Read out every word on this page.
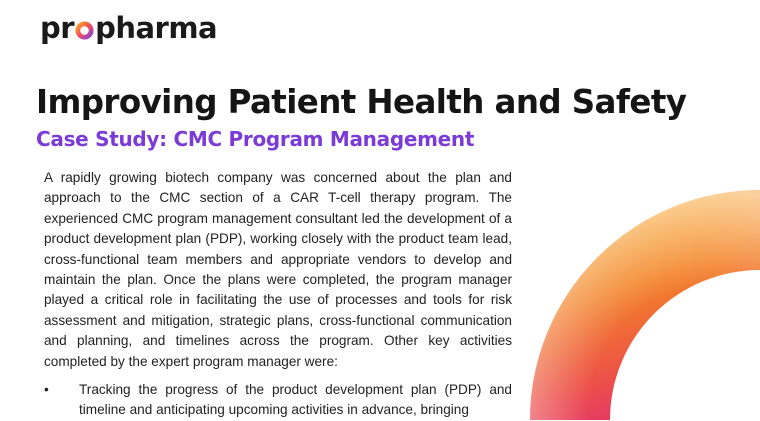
pr pharma
Improving Patient Health and Safety
Case Study: CMC Program Management

A rapidly growing biotech company was concerned about the plan and approach to the CMC section of a CAR T-cell therapy program. The experienced CMC program management consultant led the development of a product development plan (PDP), working closely with the product team lead, cross-functional team members and appropriate vendors to develop and maintain the plan. Once the plans were completed, the program manager played a critical role in facilitating the use of processes and tools for risk assessment and mitigation, strategic plans, cross-functional communication and planning, and timelines across the program. Other key activities completed by the expert program manager were:

• Tracking the progress of the product development plan (PDP) and timeline and anticipating upcoming activities in advance, bringing
